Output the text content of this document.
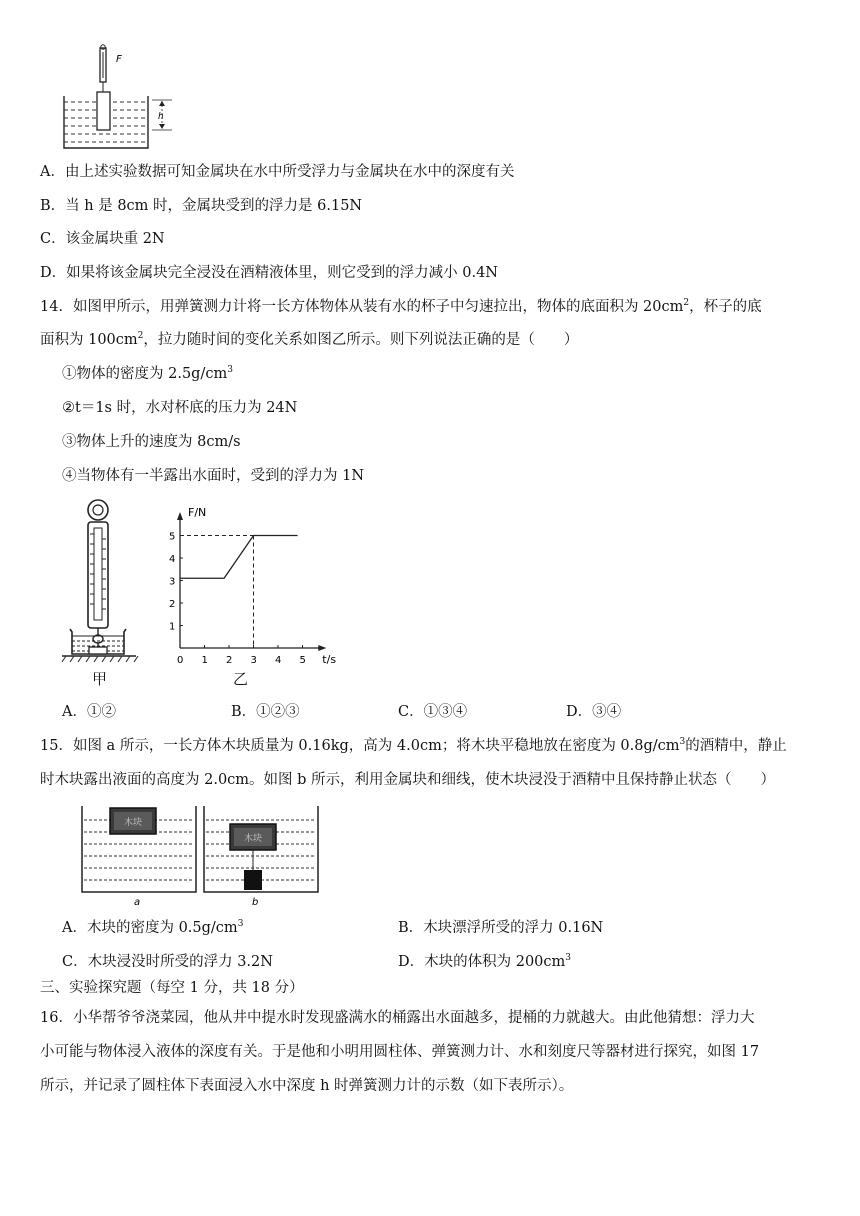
F
h
A．由上述实验数据可知金属块在水中所受浮力与金属块在水中的深度有关
B．当 h 是 8cm 时，金属块受到的浮力是 6.15N
C．该金属块重 2N
D．如果将该金属块完全浸没在酒精液体里，则它受到的浮力减小 0.4N
14．如图甲所示，用弹簧测力计将一长方体物体从装有水的杯子中匀速拉出，物体的底面积为 $20cm^2$，杯子的底
面积为 $100cm^2$，拉力随时间的变化关系如图乙所示。则下列说法正确的是（　　）
①物体的密度为 $2.5g/cm^3$
②t＝1s 时，水对杯底的压力为 24N
③物体上升的速度为 8cm/s
④当物体有一半露出水面时，受到的浮力为 1N
甲
F/N
t/s
0 1 2 3 4 5
1
2
3
4
5
乙
A．①②	B．①②③	C．①③④	D．③④
15．如图 a 所示，一长方体木块质量为 0.16kg，高为 4.0cm；将木块平稳地放在密度为 $0.8g/cm^3$的酒精中，静止
时木块露出液面的高度为 2.0cm。如图 b 所示，利用金属块和细线，使木块浸没于酒精中且保持静止状态（　　）
木块
a
木块
b
A．木块的密度为 $0.5g/cm^3$	B．木块漂浮所受的浮力 0.16N
C．木块浸没时所受的浮力 3.2N	D．木块的体积为 $200cm^3$
三、实验探究题（每空 1 分，共 18 分）
16．小华帮爷爷浇菜园，他从井中提水时发现盛满水的桶露出水面越多，提桶的力就越大。由此他猜想：浮力大
小可能与物体浸入液体的深度有关。于是他和小明用圆柱体、弹簧测力计、水和刻度尺等器材进行探究，如图 17
所示，并记录了圆柱体下表面浸入水中深度 h 时弹簧测力计的示数（如下表所示）。
